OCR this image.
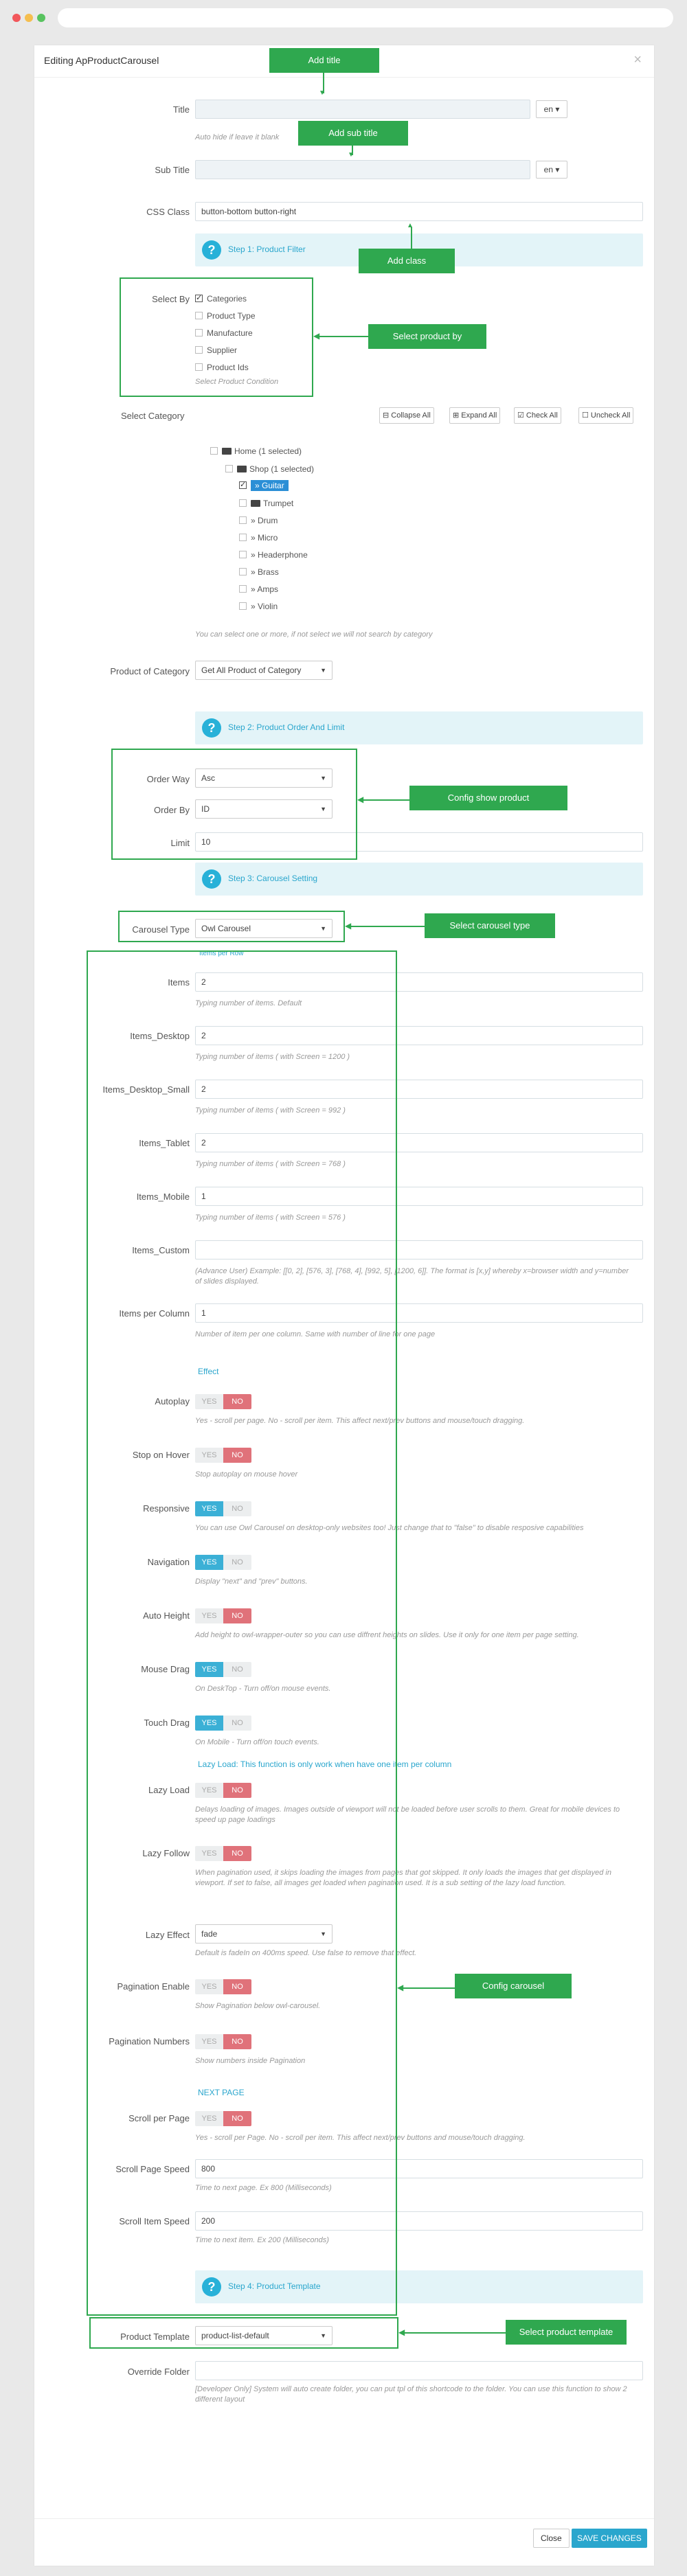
Editing ApProductCarousel	×
Title	en ▾
Auto hide if leave it blank
Sub Title	en ▾
CSS Class	button-bottom button-right
?	Step 1: Product Filter
Select By ✓	Categories
Product Type
Manufacture
Supplier
Product Ids
Select Product Condition
Select Category	⊟ Collapse All	⊞ Expand All	☑ Check All	☐ Uncheck All
Home (1 selected)
Shop (1 selected)
✓» Guitar
Trumpet
» Drum
» Micro
» Headerphone
» Brass
» Amps
» Violin
You can select one or more, if not select we will not search by category
Product of Category	Get All Product of Category	▼
?	Step 2: Product Order And Limit
Order Way	Asc	▼
Order By	ID	▼
Limit	10
?	Step 3: Carousel Setting
Carousel Type	Owl Carousel	▼
Items per Row
Items	2
Typing number of items. Default
Items_Desktop	2
Typing number of items ( with Screen = 1200 )
Items_Desktop_Small	2
Typing number of items ( with Screen = 992 )
Items_Tablet	2
Typing number of items ( with Screen = 768 )
Items_Mobile	1
Typing number of items ( with Screen = 576 )
Items_Custom
(Advance User) Example: [[0, 2], [576, 3], [768, 4], [992, 5], [1200, 6]]. The format is [x,y] whereby x=browser width and y=number of slides displayed.
Items per Column	1
Number of item per one column. Same with number of line for one page
Effect
Autoplay	YES NO
Yes - scroll per page. No - scroll per item. This affect next/prev buttons and mouse/touch dragging.
Stop on Hover	YES NO
Stop autoplay on mouse hover
Responsive	YES NO
You can use Owl Carousel on desktop-only websites too! Just change that to "false" to disable resposive capabilities
Navigation	YES NO
Display "next" and "prev" buttons.
Auto Height	YES NO
Add height to owl-wrapper-outer so you can use diffrent heights on slides. Use it only for one item per page setting.
Mouse Drag	YES NO
On DeskTop - Turn off/on mouse events.
Touch Drag	YES NO
On Mobile - Turn off/on touch events.
Lazy Load: This function is only work when have one item per column
Lazy Load	YES NO
Delays loading of images. Images outside of viewport will not be loaded before user scrolls to them. Great for mobile devices to speed up page loadings
Lazy Follow	YES NO
When pagination used, it skips loading the images from pages that got skipped. It only loads the images that get displayed in viewport. If set to false, all images get loaded when pagination used. It is a sub setting of the lazy load function.
Lazy Effect	fade	▼
Default is fadeIn on 400ms speed. Use false to remove that effect.
Pagination Enable	YES NO
Show Pagination below owl-carousel.
Pagination Numbers	YES NO
Show numbers inside Pagination
NEXT PAGE
Scroll per Page	YES NO
Yes - scroll per Page. No - scroll per item. This affect next/prev buttons and mouse/touch dragging.
Scroll Page Speed	800
Time to next page. Ex 800 (Milliseconds)
Scroll Item Speed	200
Time to next item. Ex 200 (Milliseconds)
?	Step 4: Product Template
Product Template	product-list-default	▼
Override Folder
[Developer Only] System will auto create folder, you can put tpl of this shortcode to the folder. You can use this function to show 2 different layout
Close	SAVE CHANGES
Add title
▼
Add sub title
▼
Add class
▲
◀	Select product by
◀	Config show product
◀	Select carousel type
◀	Config carousel
◀	Select product template
